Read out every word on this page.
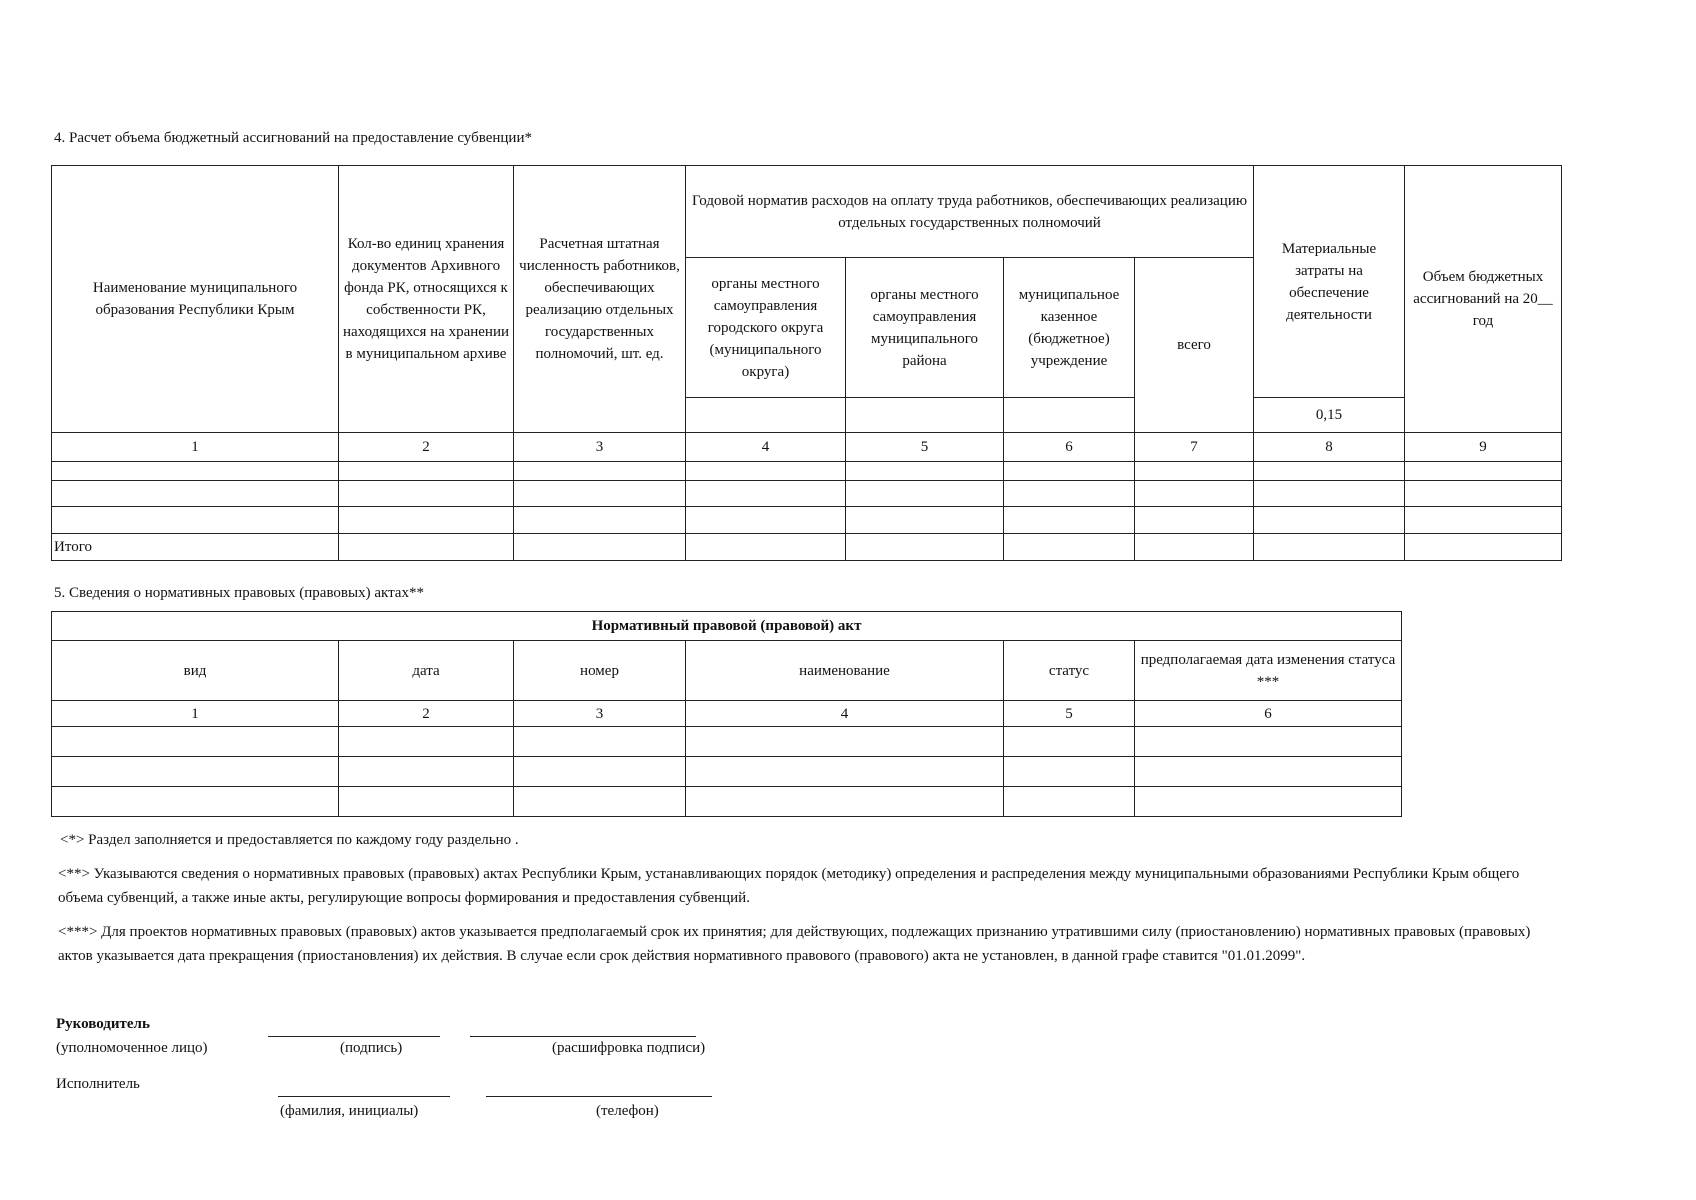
4. Расчет объема бюджетный ассигнований на предоставление субвенции*
Наименование муниципального образования Республики Крым	Кол-во единиц хранения документов Архивного фонда РК, относящихся к собственности РК, находящихся на хранении в муниципальном архиве	Расчетная штатная численность работников, обеспечивающих реализацию отдельных государственных полномочий, шт. ед.	Годовой норматив расходов на оплату труда работников, обеспечивающих реализацию отдельных государственных полномочий				Материальные затраты на обеспечение деятельности	Объем бюджетных ассигнований на 20__ год
			органы местного самоуправления городского округа (муниципального округа)	органы местного самоуправления муниципального района	муниципальное казенное (бюджетное) учреждение	всего		
							0,15	
1	2	3	4	5	6	7	8	9

Итого								
5. Сведения о нормативных правовых (правовых) актах**
Нормативный правовой (правовой) акт					
вид	дата	номер	наименование	статус	предполагаемая дата изменения статуса ***
1	2	3	4	5	6

<*> Раздел заполняется и предоставляется по каждому году раздельно .
<**> Указываются сведения о нормативных правовых (правовых) актах Республики Крым, устанавливающих порядок (методику) определения и распределения между муниципальными образованиями Республики Крым общего объема субвенций, а также иные акты, регулирующие вопросы формирования и предоставления субвенций.
<***> Для проектов нормативных правовых (правовых) актов указывается предполагаемый срок их принятия; для действующих, подлежащих признанию утратившими силу (приостановлению) нормативных правовых (правовых) актов указывается дата прекращения (приостановления) их действия. В случае если срок действия нормативного правового (правового) акта не установлен, в данной графе ставится "01.01.2099".
Руководитель
(уполномоченное лицо)	(подпись)	(расшифровка подписи)
Исполнитель
(фамилия, инициалы)	(телефон)
